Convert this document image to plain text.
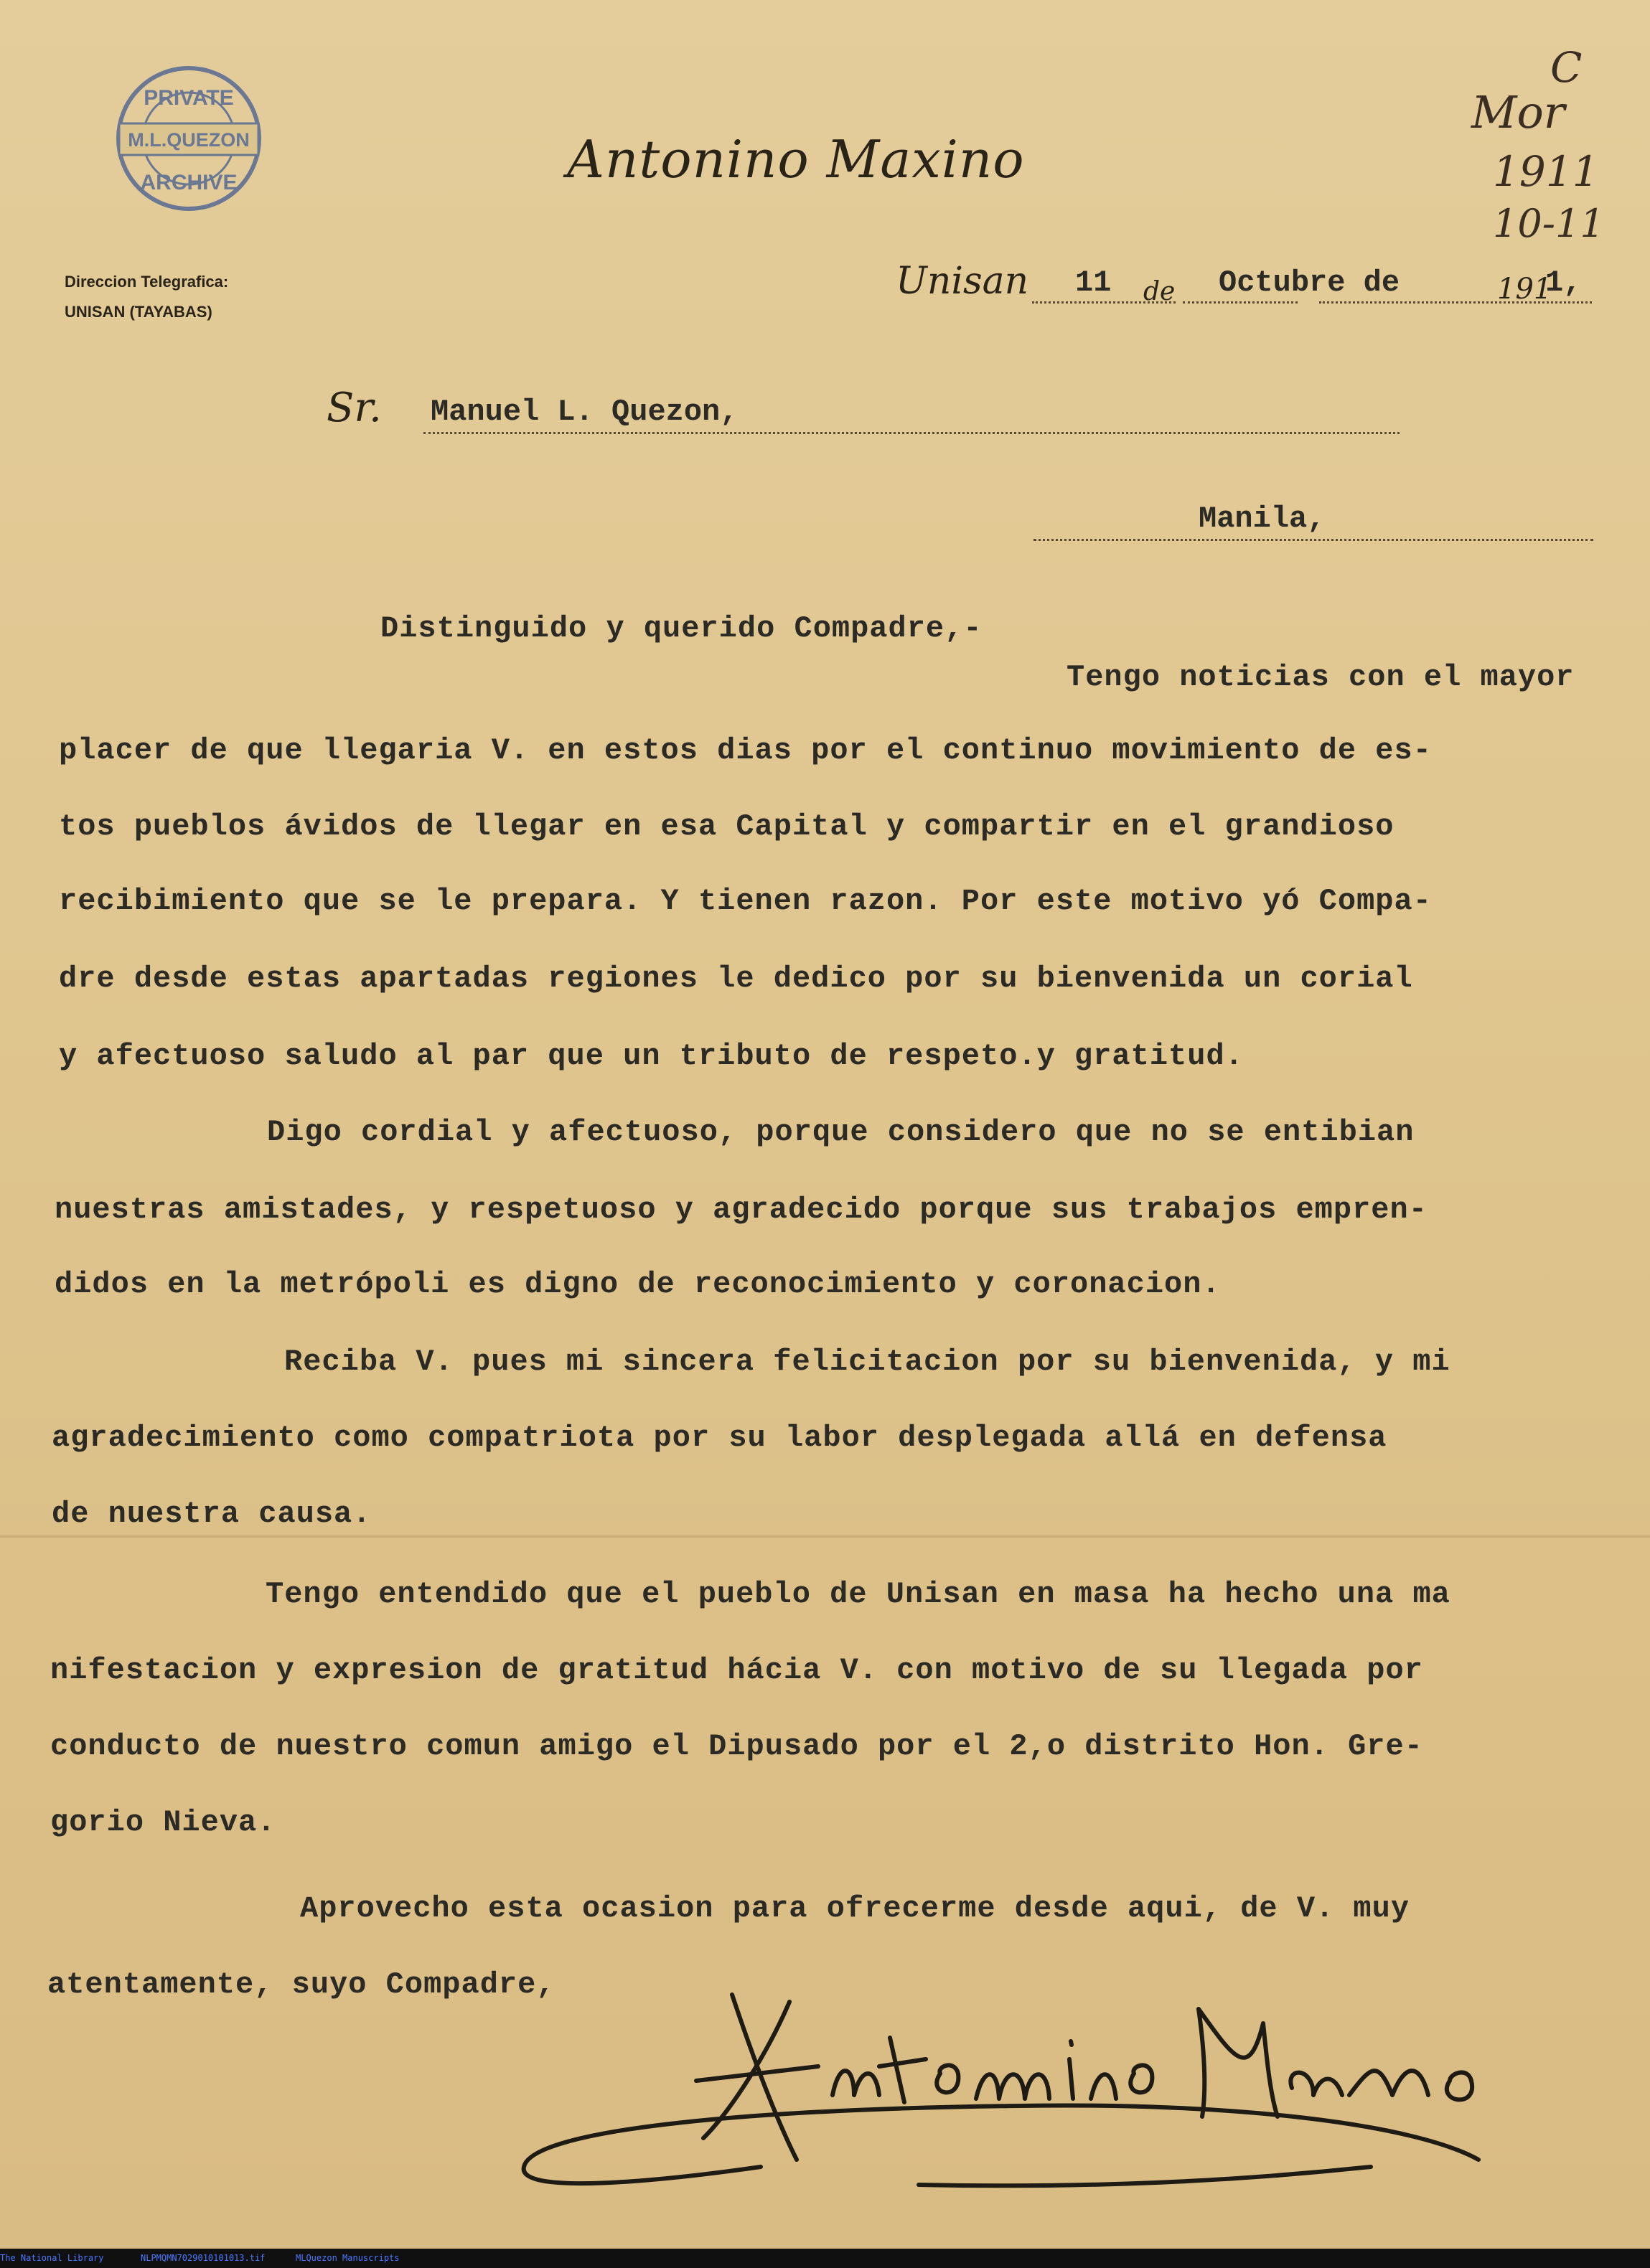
PRIVATE
M.L.QUEZON
ARCHIVE	Antonino Maxino
C
Mor
1911
10-11
Direccion Telegrafica:
UNISAN (TAYABAS)
Unisan 11 de Octubre de	191
1,
Sr. Manuel L. Quezon,
Manila,
Distinguido y querido Compadre,-
Tengo noticias con el mayor
placer de que llegaria V. en estos dias por el continuo movimiento de es-
tos pueblos ávidos de llegar en esa Capital y compartir en el grandioso
recibimiento que se le prepara. Y tienen razon. Por este motivo yó Compa-
dre desde estas apartadas regiones le dedico por su bienvenida un corial
y afectuoso saludo al par que un tributo de respeto.y gratitud.
Digo cordial y afectuoso, porque considero que no se entibian
nuestras amistades, y respetuoso y agradecido porque sus trabajos empren-
didos en la metrópoli es digno de reconocimiento y coronacion.
Reciba V. pues mi sincera felicitacion por su bienvenida, y mi
agradecimiento como compatriota por su labor desplegada allá en defensa
de nuestra causa.
Tengo entendido que el pueblo de Unisan en masa ha hecho una ma
nifestacion y expresion de gratitud hácia V. con motivo de su llegada por
conducto de nuestro comun amigo el Dipusado por el 2,o distrito Hon. Gre-
gorio Nieva.
Aprovecho esta ocasion para ofrecerme desde aqui, de V. muy
atentamente, suyo Compadre,
The National Library	NLPMQMN7029010101013.tif	MLQuezon Manuscripts
